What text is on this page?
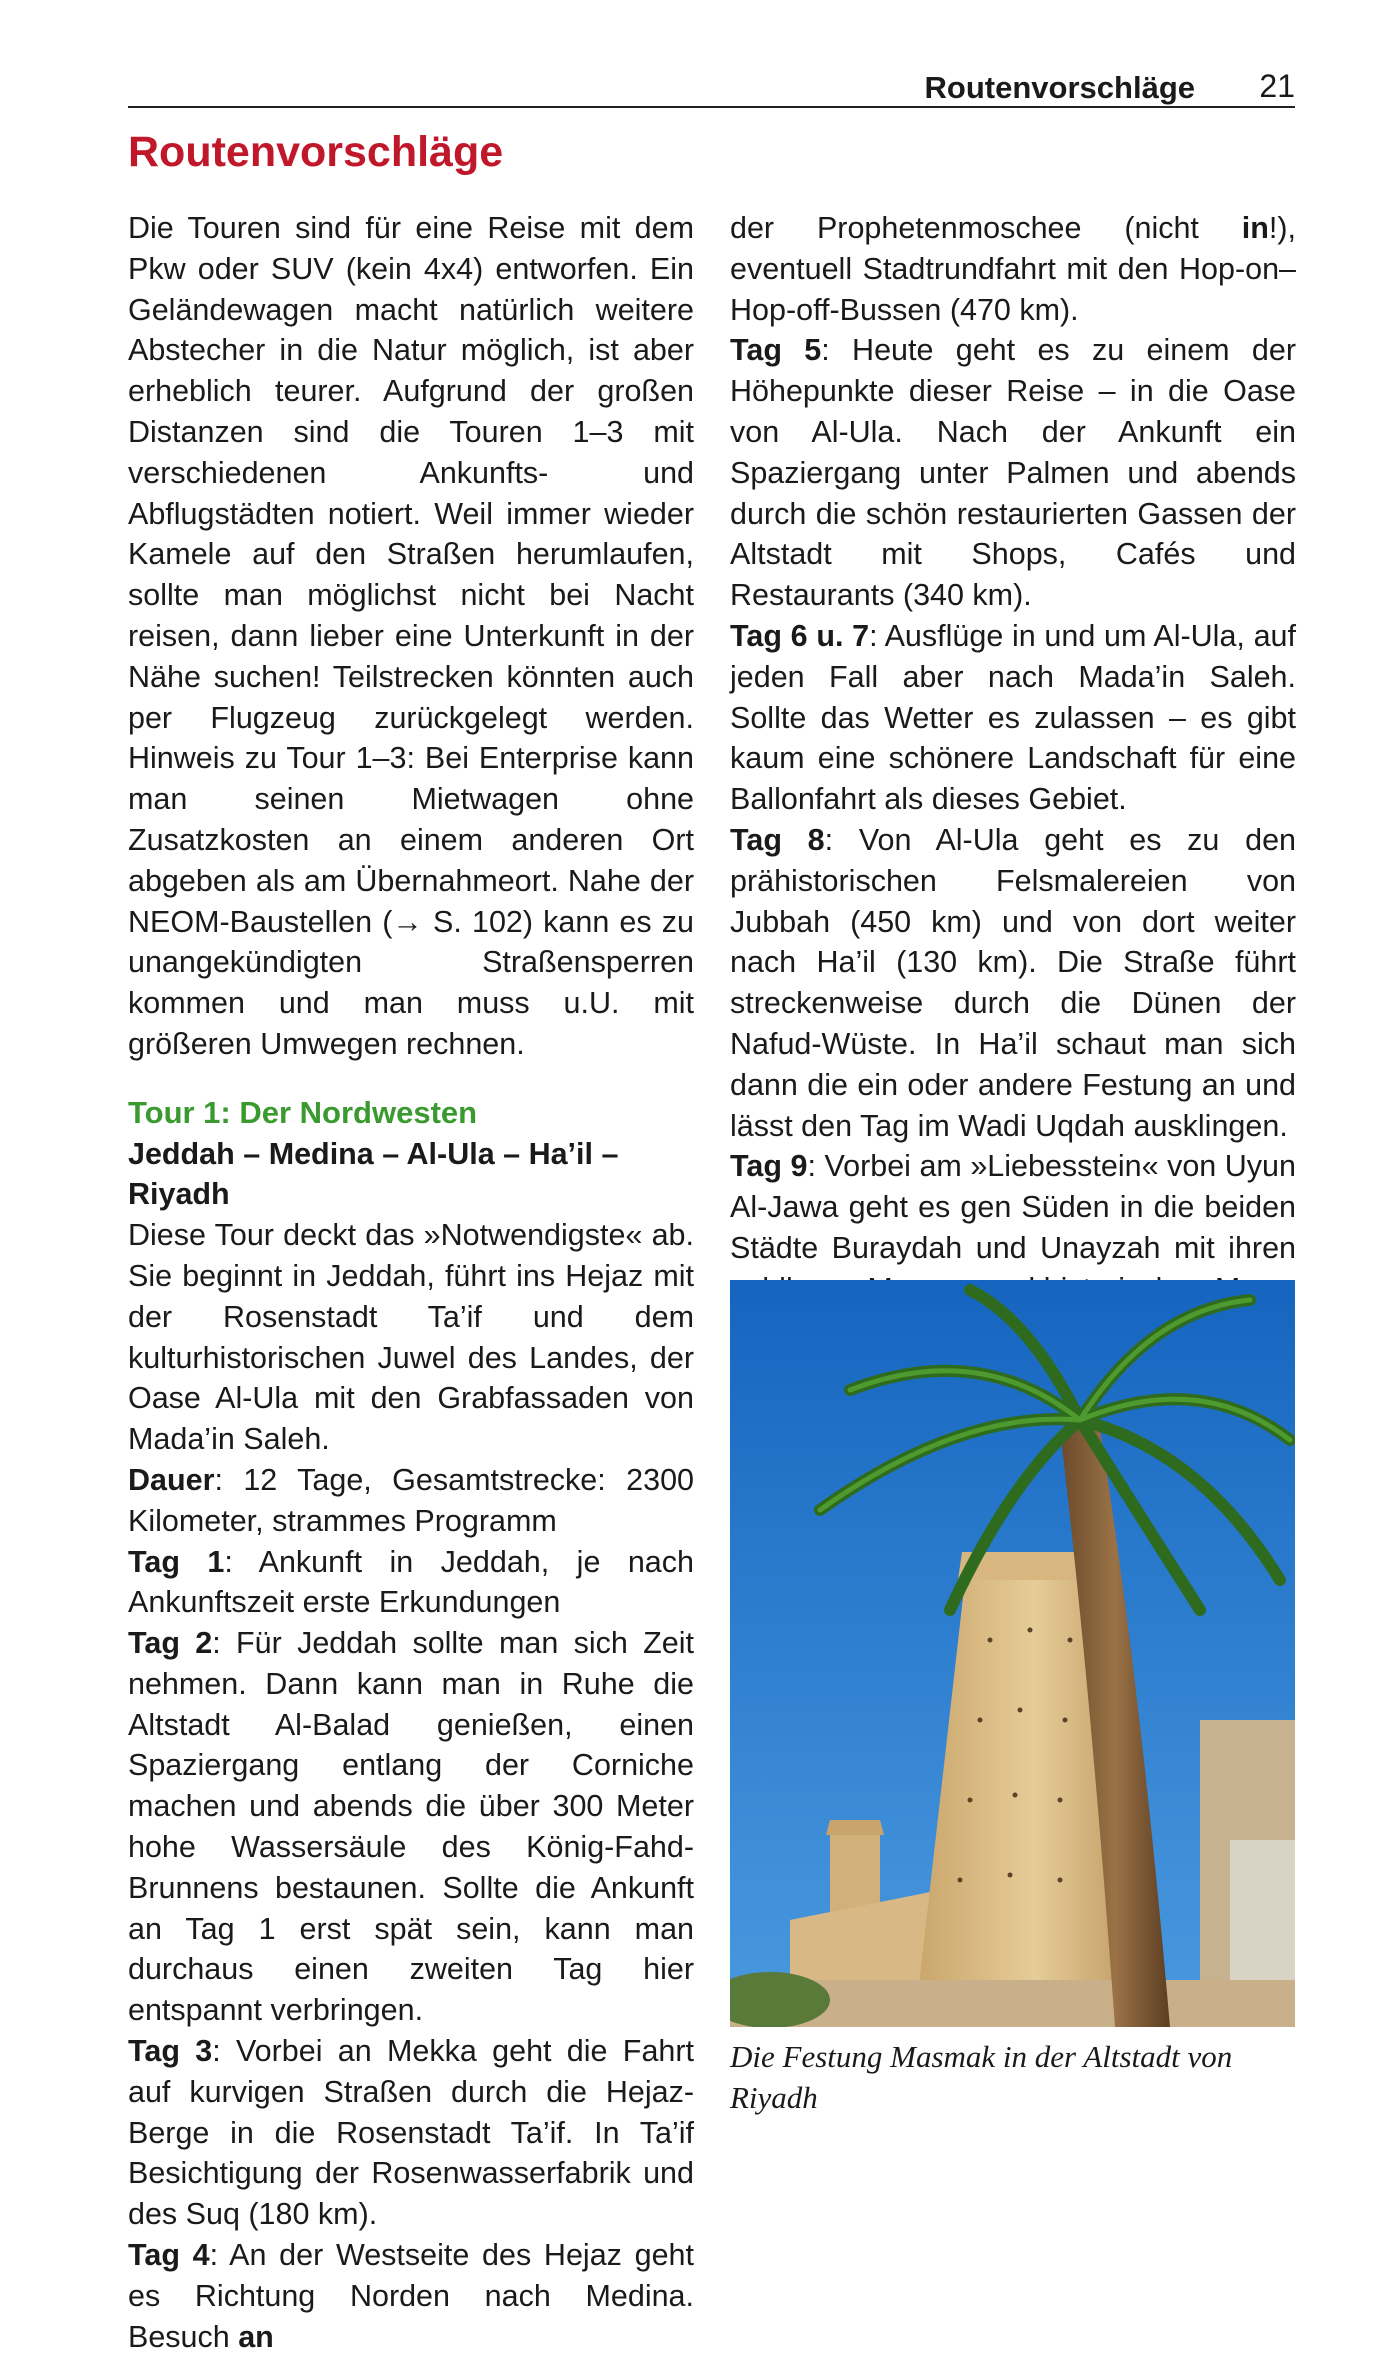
Routenvorschläge 21
Routenvorschläge

Die Touren sind für eine Reise mit dem Pkw oder SUV (kein 4x4) entworfen. Ein Geländewagen macht natürlich weitere Abstecher in die Natur möglich, ist aber erheblich teurer. Aufgrund der großen Distanzen sind die Touren 1–3 mit verschiedenen Ankunfts- und Abflugstädten notiert. Weil immer wieder Kamele auf den Straßen herumlaufen, sollte man möglichst nicht bei Nacht reisen, dann lieber eine Unterkunft in der Nähe suchen! Teilstrecken könnten auch per Flugzeug zurückgelegt werden. Hinweis zu Tour 1–3: Bei Enterprise kann man seinen Mietwagen ohne Zusatzkosten an einem anderen Ort abgeben als am Übernahmeort. Nahe der NEOM-Baustellen (→ S. 102) kann es zu unangekündigten Straßensperren kommen und man muss u.U. mit größeren Umwegen rechnen.

Tour 1: Der Nordwesten

Jeddah – Medina – Al-Ula – Ha’il – Riyadh

Diese Tour deckt das »Notwendigste« ab. Sie beginnt in Jeddah, führt ins Hejaz mit der Rosenstadt Ta’if und dem kulturhistorischen Juwel des Landes, der Oase Al-Ula mit den Grabfassaden von Mada’in Saleh.

Dauer: 12 Tage, Gesamtstrecke: 2300 Kilometer, strammes Programm

Tag 1: Ankunft in Jeddah, je nach Ankunftszeit erste Erkundungen

Tag 2: Für Jeddah sollte man sich Zeit nehmen. Dann kann man in Ruhe die Altstadt Al-Balad genießen, einen Spaziergang entlang der Corniche machen und abends die über 300 Meter hohe Wassersäule des König-Fahd-Brunnens bestaunen. Sollte die Ankunft an Tag 1 erst spät sein, kann man durchaus einen zweiten Tag hier entspannt verbringen.

Tag 3: Vorbei an Mekka geht die Fahrt auf kurvigen Straßen durch die Hejaz-Berge in die Rosenstadt Ta’if. In Ta’if Besichtigung der Rosenwasserfabrik und des Suq (180 km).

Tag 4: An der Westseite des Hejaz geht es Richtung Norden nach Medina. Besuch an

der Prophetenmoschee (nicht in!), eventuell Stadtrundfahrt mit den Hop-on–Hop-off-Bussen (470 km).

Tag 5: Heute geht es zu einem der Höhepunkte dieser Reise – in die Oase von Al-Ula. Nach der Ankunft ein Spaziergang unter Palmen und abends durch die schön restaurierten Gassen der Altstadt mit Shops, Cafés und Restaurants (340 km).

Tag 6 u. 7: Ausflüge in und um Al-Ula, auf jeden Fall aber nach Mada’in Saleh. Sollte das Wetter es zulassen – es gibt kaum eine schönere Landschaft für eine Ballonfahrt als dieses Gebiet.

Tag 8: Von Al-Ula geht es zu den prähistorischen Felsmalereien von Jubbah (450 km) und von dort weiter nach Ha’il (130 km). Die Straße führt streckenweise durch die Dünen der Nafud-Wüste. In Ha’il schaut man sich dann die ein oder andere Festung an und lässt den Tag im Wadi Uqdah ausklingen.

Tag 9: Vorbei am »Liebesstein« von Uyun Al-Jawa geht es gen Süden in die beiden Städte Buraydah und Unayzah mit ihren

Die Festung Masmak in der Altstadt von Riyadh
